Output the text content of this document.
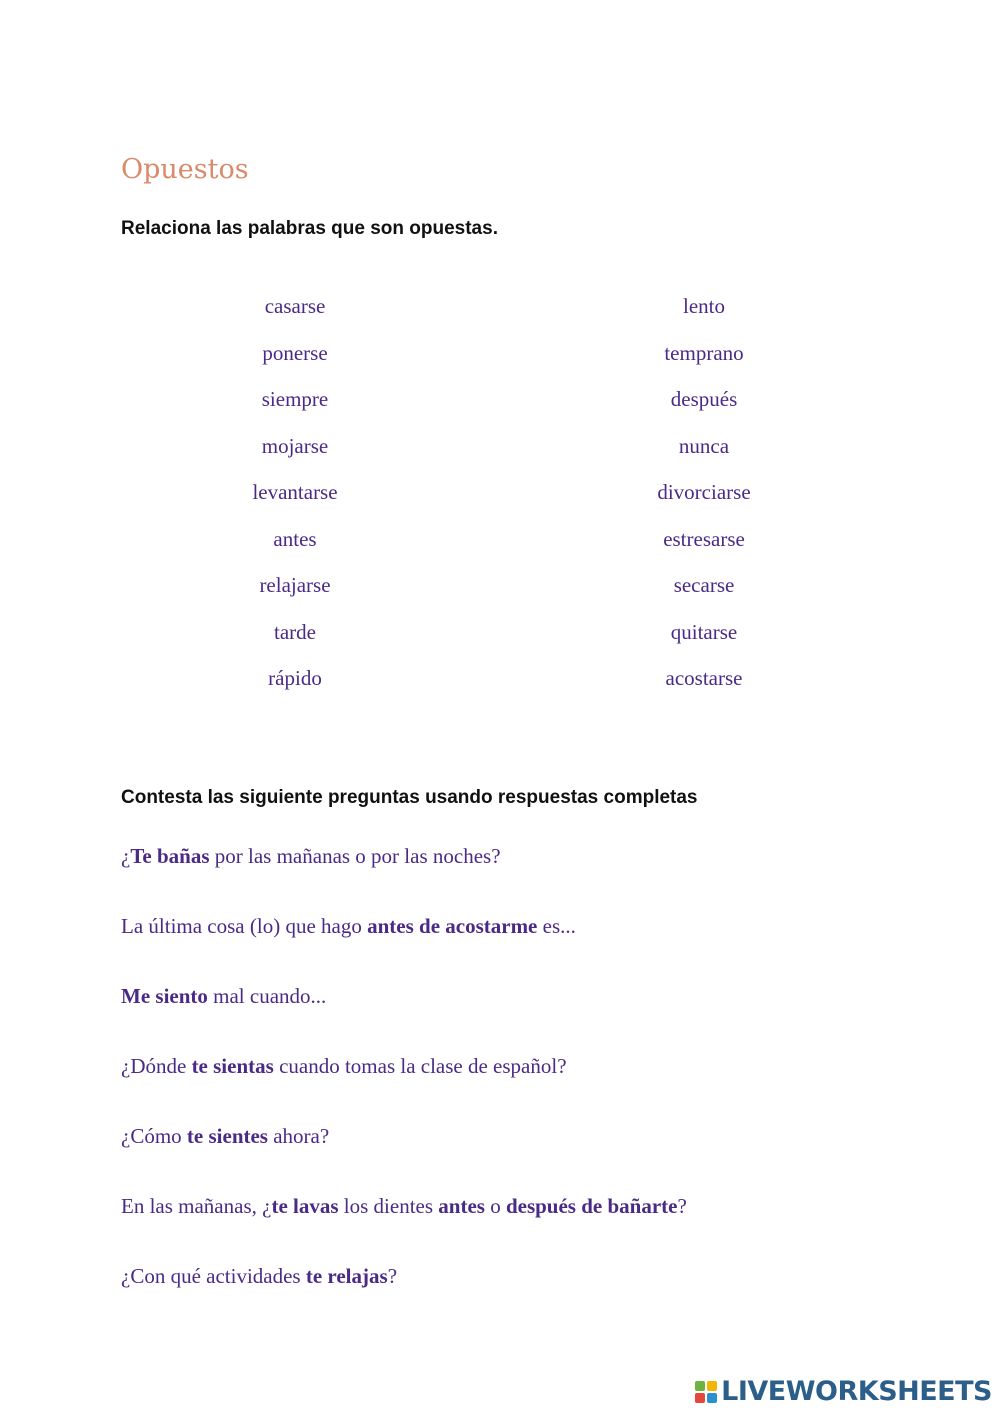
Opuestos

Relaciona las palabras que son opuestas.

casarse
ponerse
siempre
mojarse
levantarse
antes
relajarse
tarde
rápido
lento
temprano
después
nunca
divorciarse
estresarse
secarse
quitarse
acostarse

Contesta las siguiente preguntas usando respuestas completas

¿Te bañas por las mañanas o por las noches?
La última cosa (lo) que hago antes de acostarme es...
Me siento mal cuando...
¿Dónde te sientas cuando tomas la clase de español?
¿Cómo te sientes ahora?
En las mañanas, ¿te lavas los dientes antes o después de bañarte?
¿Con qué actividades te relajas?
LIVEWORKSHEETS
